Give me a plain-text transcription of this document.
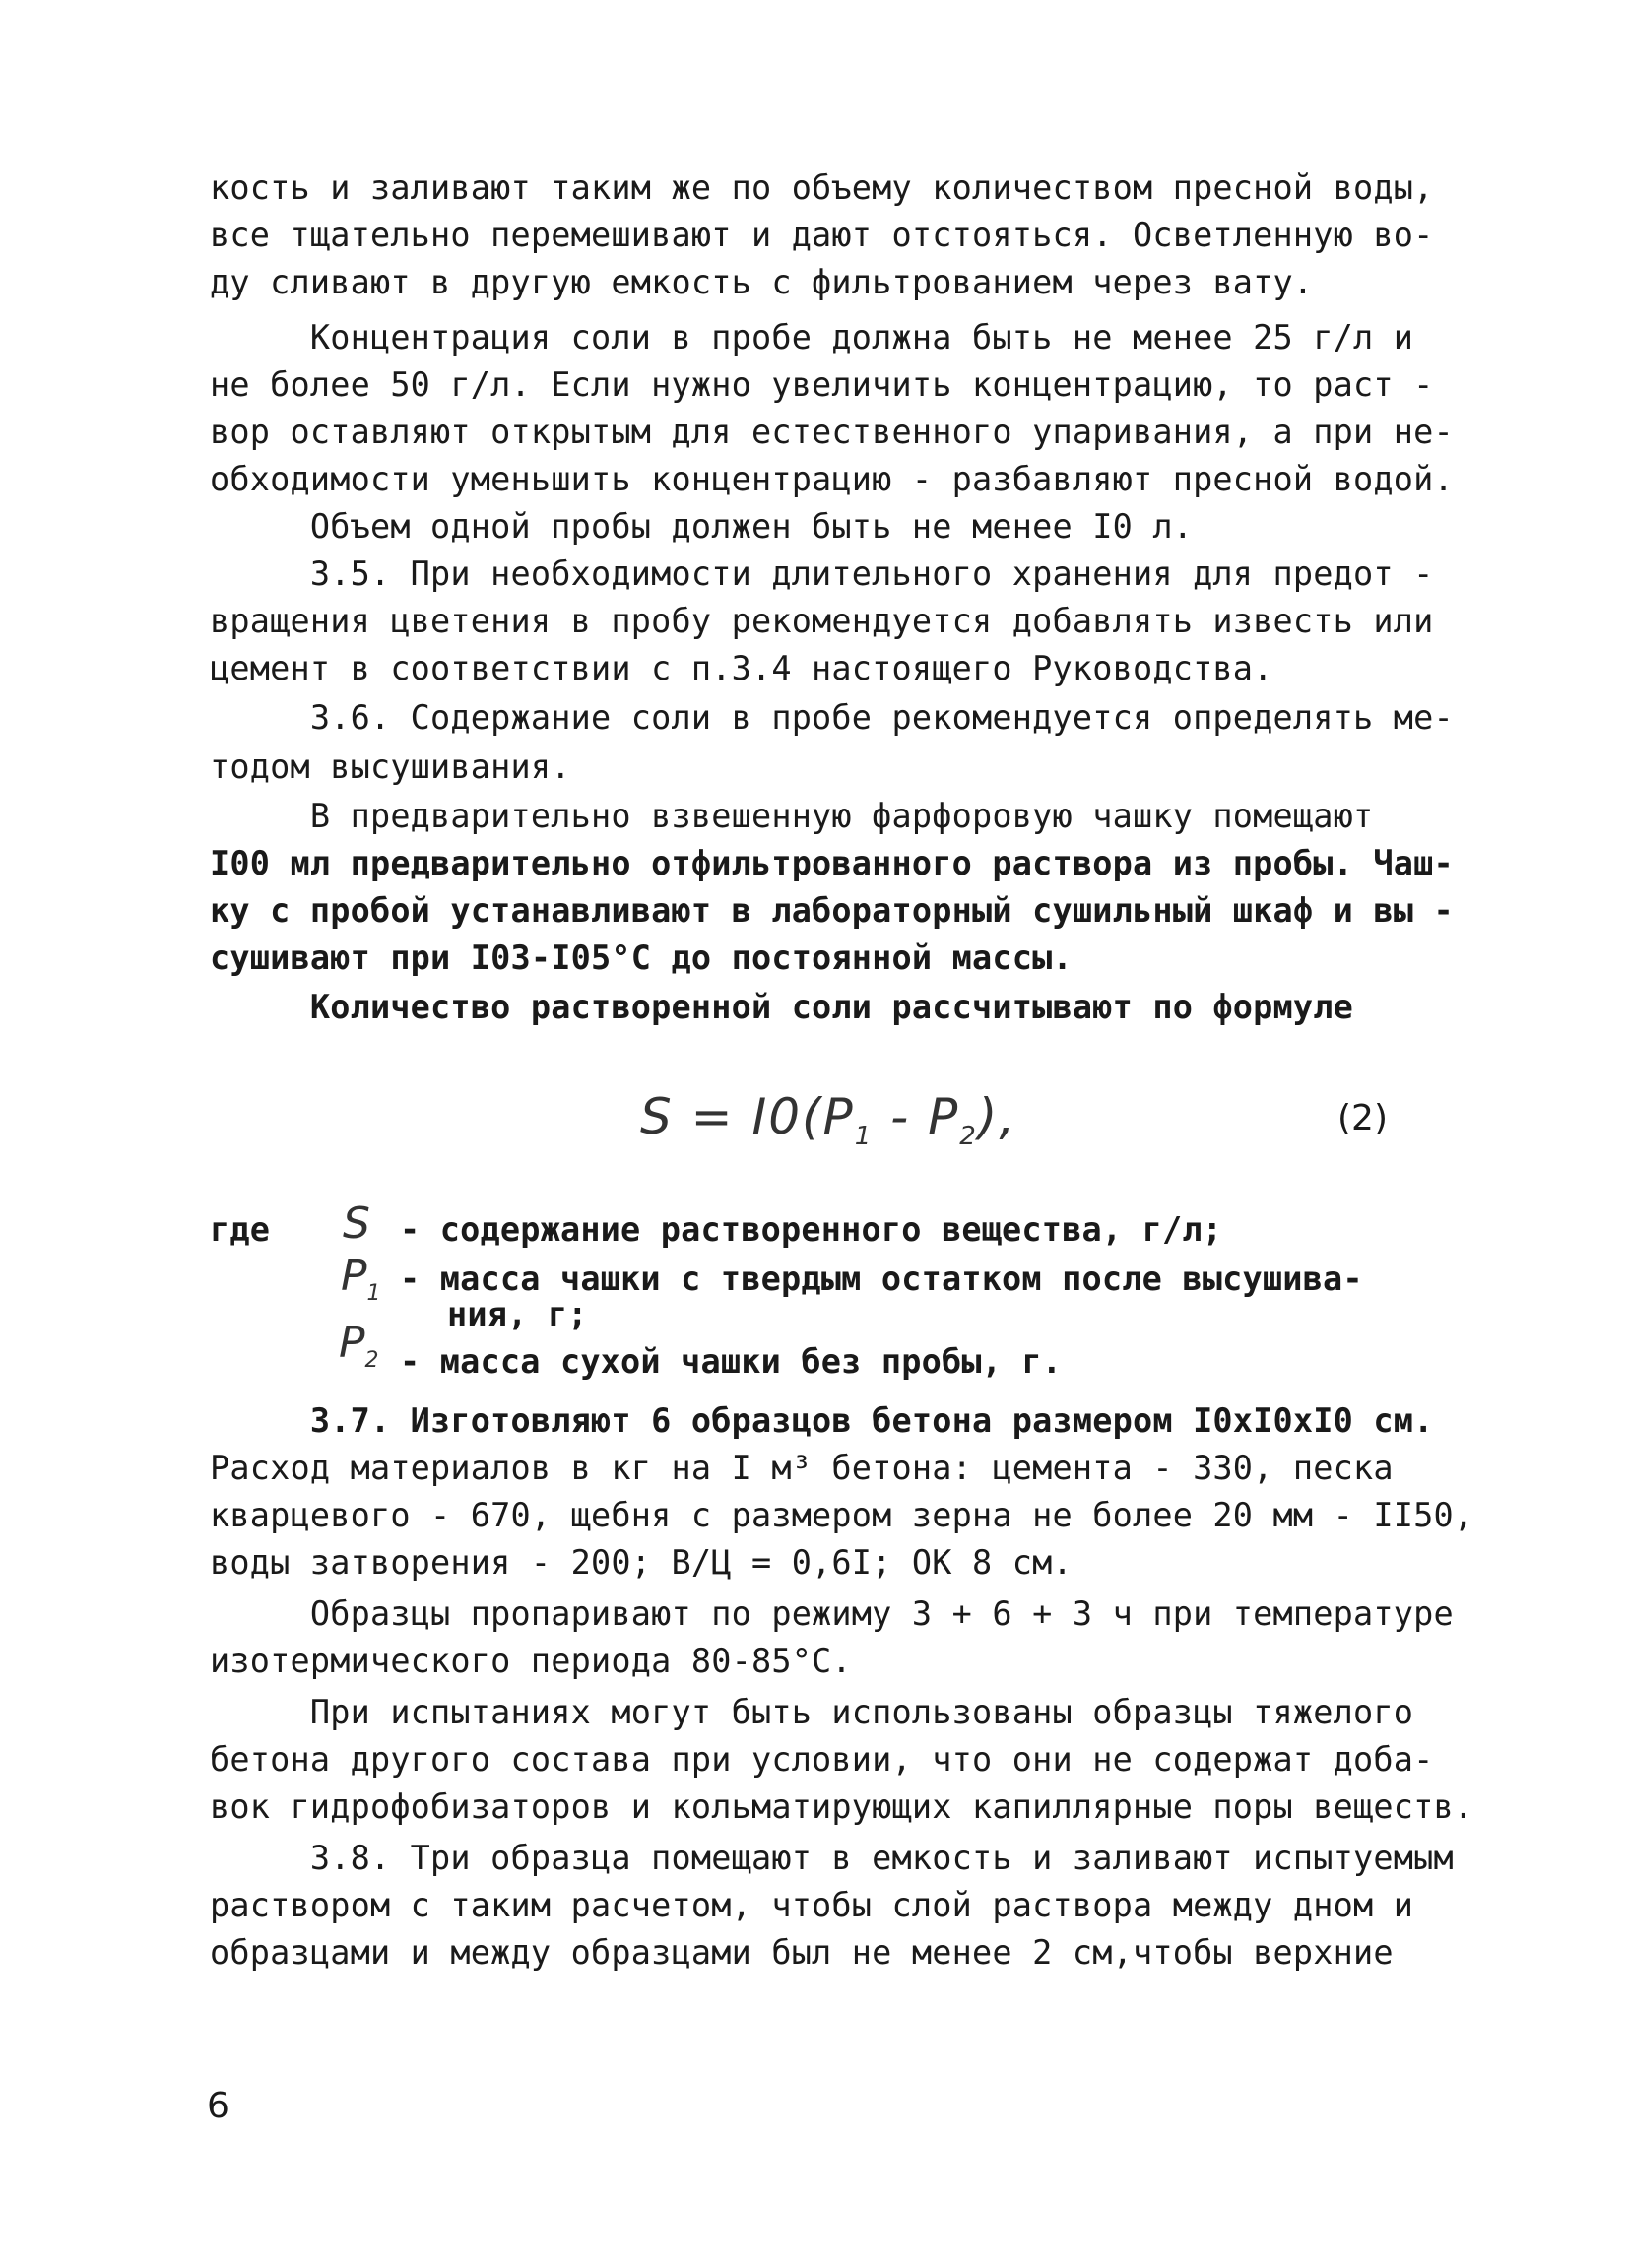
кость и заливают таким же по объему количеством пресной воды,
все тщательно перемешивают и дают отстояться. Осветленную во-
ду сливают в другую емкость с фильтрованием через вату.
Концентрация соли в пробе должна быть не менее 25 г/л и
не более 50 г/л. Если нужно увеличить концентрацию, то раст -
вор оставляют открытым для естественного упаривания, а при не-
обходимости уменьшить концентрацию - разбавляют пресной водой.
Объем одной пробы должен быть не менее I0 л.
3.5. При необходимости длительного хранения для предот -
вращения цветения в пробу рекомендуется добавлять известь или
цемент в соответствии с п.3.4 настоящего Руководства.
3.6. Содержание соли в пробе рекомендуется определять ме-
тодом высушивания.
В предварительно взвешенную фарфоровую чашку помещают
I00 мл предварительно отфильтрованного раствора из пробы. Чаш-
ку с пробой устанавливают в лабораторный сушильный шкаф и вы -
сушивают при I03-I05°С до постоянной массы.
Количество растворенной соли рассчитывают по формуле
$S = I0(P_1 - P_2)$,	(2)
где S - содержание растворенного вещества, г/л;
$P_1$ - масса чашки с твердым остатком после высушива-
ния, г;
$P_2$ - масса сухой чашки без пробы, г.
3.7. Изготовляют 6 образцов бетона размером I0хI0хI0 см.
Расход материалов в кг на I м³ бетона: цемента - 330, песка
кварцевого - 670, щебня с размером зерна не более 20 мм - II50,
воды затворения - 200; В/Ц = 0,6I; ОК 8 см.
Образцы пропаривают по режиму 3 + 6 + 3 ч при температуре
изотермического периода 80-85°С.
При испытаниях могут быть использованы образцы тяжелого
бетона другого состава при условии, что они не содержат доба-
вок гидрофобизаторов и кольматирующих капиллярные поры веществ.
3.8. Три образца помещают в емкость и заливают испытуемым
раствором с таким расчетом, чтобы слой раствора между дном и
образцами и между образцами был не менее 2 см,чтобы верхние
6
